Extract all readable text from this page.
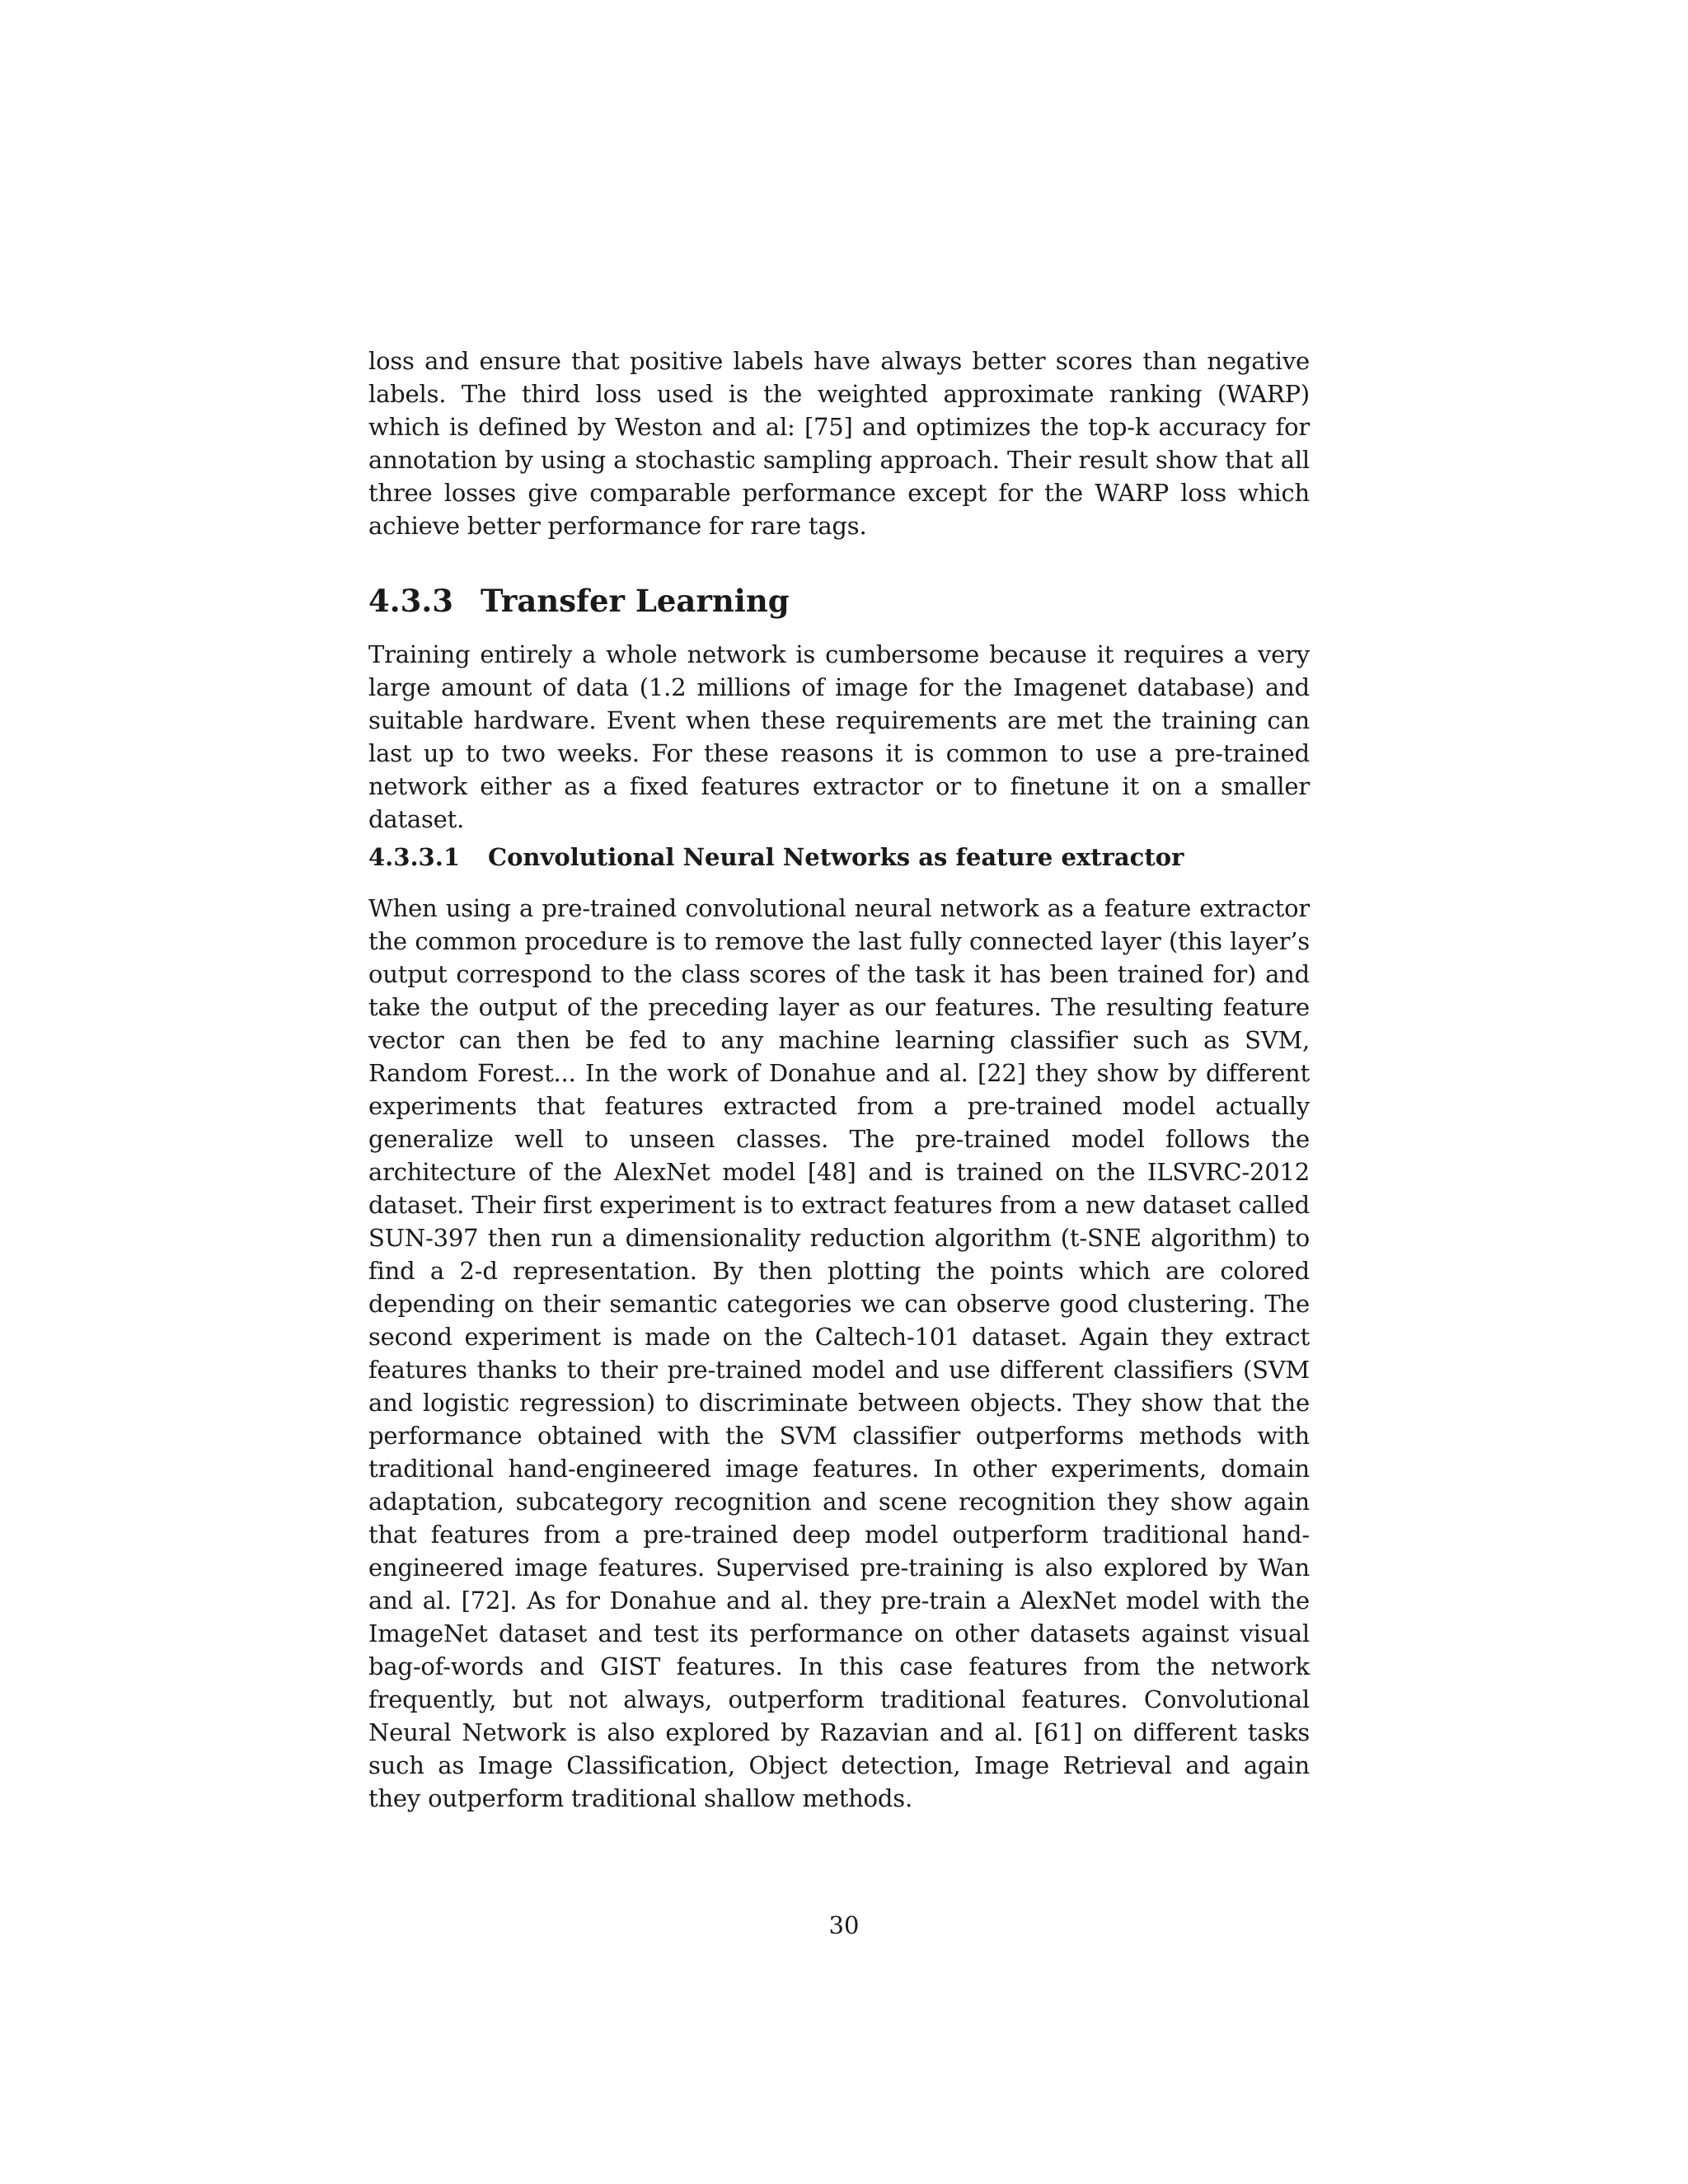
loss and ensure that positive labels have always better scores than negative labels. The third loss used is the weighted approximate ranking (WARP) which is defined by Weston and al: [75] and optimizes the top-k accuracy for annotation by using a stochastic sampling approach. Their result show that all three losses give comparable performance except for the WARP loss which achieve better performance for rare tags.

4.3.3 Transfer Learning

Training entirely a whole network is cumbersome because it requires a very large amount of data (1.2 millions of image for the Imagenet database) and suitable hardware. Event when these requirements are met the training can last up to two weeks. For these reasons it is common to use a pre-trained network either as a fixed features extractor or to finetune it on a smaller dataset.

4.3.3.1 Convolutional Neural Networks as feature extractor

When using a pre-trained convolutional neural network as a feature extractor the common procedure is to remove the last fully connected layer (this layer’s output correspond to the class scores of the task it has been trained for) and take the output of the preceding layer as our features. The resulting feature vector can then be fed to any machine learning classifier such as SVM, Random Forest... In the work of Donahue and al. [22] they show by different experiments that features extracted from a pre-trained model actually generalize well to unseen classes. The pre-trained model follows the architecture of the AlexNet model [48] and is trained on the ILSVRC-2012 dataset. Their first experiment is to extract features from a new dataset called SUN-397 then run a dimensionality reduction algorithm (t-SNE algorithm) to find a 2-d representation. By then plotting the points which are colored depending on their semantic categories we can observe good clustering. The second experiment is made on the Caltech-101 dataset. Again they extract features thanks to their pre-trained model and use different classifiers (SVM and logistic regression) to discriminate between objects. They show that the performance obtained with the SVM classifier outperforms methods with traditional hand-engineered image features. In other experiments, domain adaptation, subcategory recognition and scene recognition they show again that features from a pre-trained deep model outperform traditional hand-engineered image features. Supervised pre-training is also explored by Wan and al. [72]. As for Donahue and al. they pre-train a AlexNet model with the ImageNet dataset and test its performance on other datasets against visual bag-of-words and GIST features. In this case features from the network frequently, but not always, outperform traditional features. Convolutional Neural Network is also explored by Razavian and al. [61] on different tasks such as Image Classification, Object detection, Image Retrieval and again they outperform traditional shallow methods.

30
